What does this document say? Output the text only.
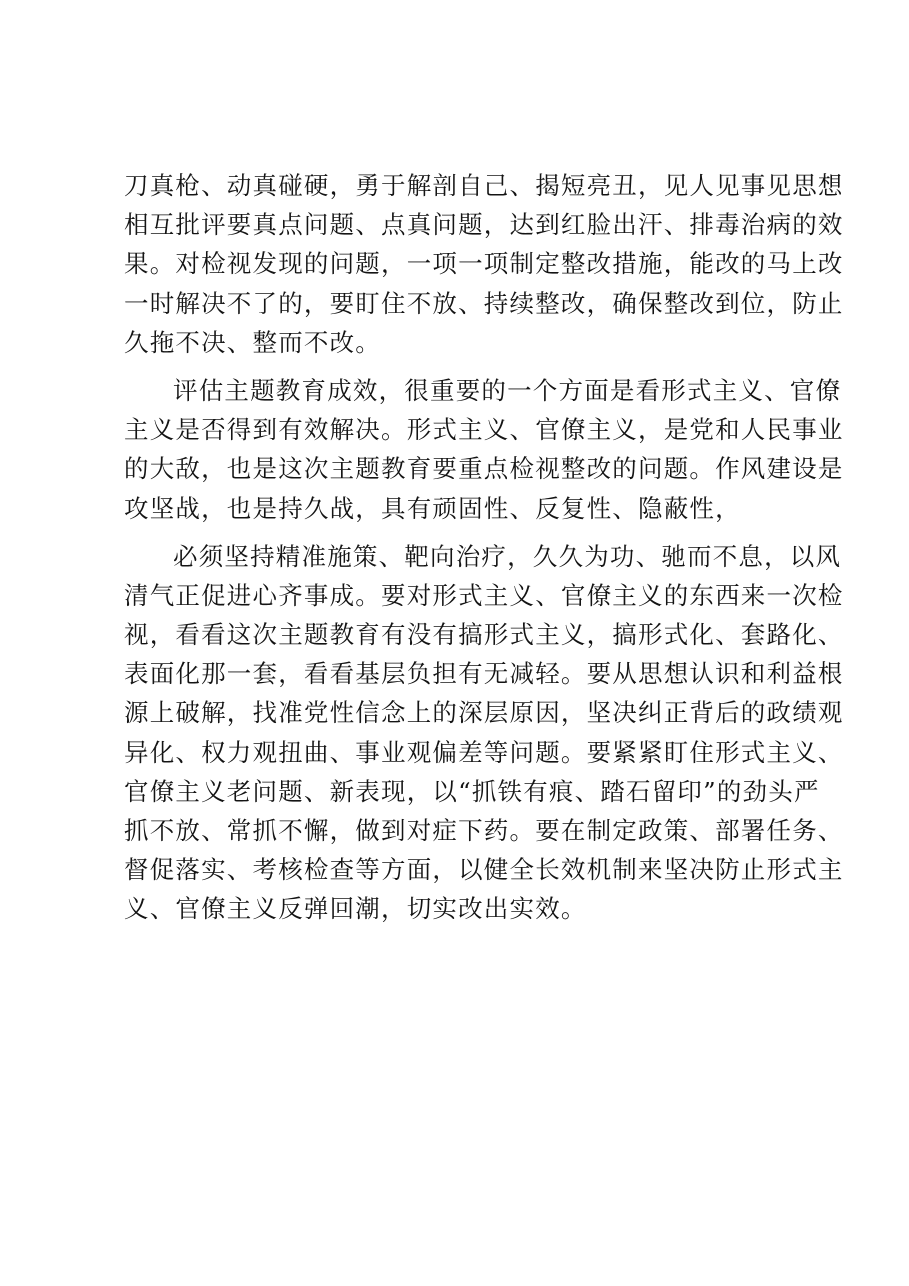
刀真枪、动真碰硬，勇于解剖自己、揭短亮丑，见人见事见思想
相互批评要真点问题、点真问题，达到红脸出汗、排毒治病的效
果。对检视发现的问题，一项一项制定整改措施，能改的马上改
一时解决不了的，要盯住不放、持续整改，确保整改到位，防止
久拖不决、整而不改。
评估主题教育成效，很重要的一个方面是看形式主义、官僚
主义是否得到有效解决。形式主义、官僚主义，是党和人民事业
的大敌，也是这次主题教育要重点检视整改的问题。作风建设是
攻坚战，也是持久战，具有顽固性、反复性、隐蔽性，
必须坚持精准施策、靶向治疗，久久为功、驰而不息，以风
清气正促进心齐事成。要对形式主义、官僚主义的东西来一次检
视，看看这次主题教育有没有搞形式主义，搞形式化、套路化、
表面化那一套，看看基层负担有无减轻。要从思想认识和利益根
源上破解，找准党性信念上的深层原因，坚决纠正背后的政绩观
异化、权力观扭曲、事业观偏差等问题。要紧紧盯住形式主义、
官僚主义老问题、新表现，以“抓铁有痕、踏石留印”的劲头严
抓不放、常抓不懈，做到对症下药。要在制定政策、部署任务、
督促落实、考核检查等方面，以健全长效机制来坚决防止形式主
义、官僚主义反弹回潮，切实改出实效。
